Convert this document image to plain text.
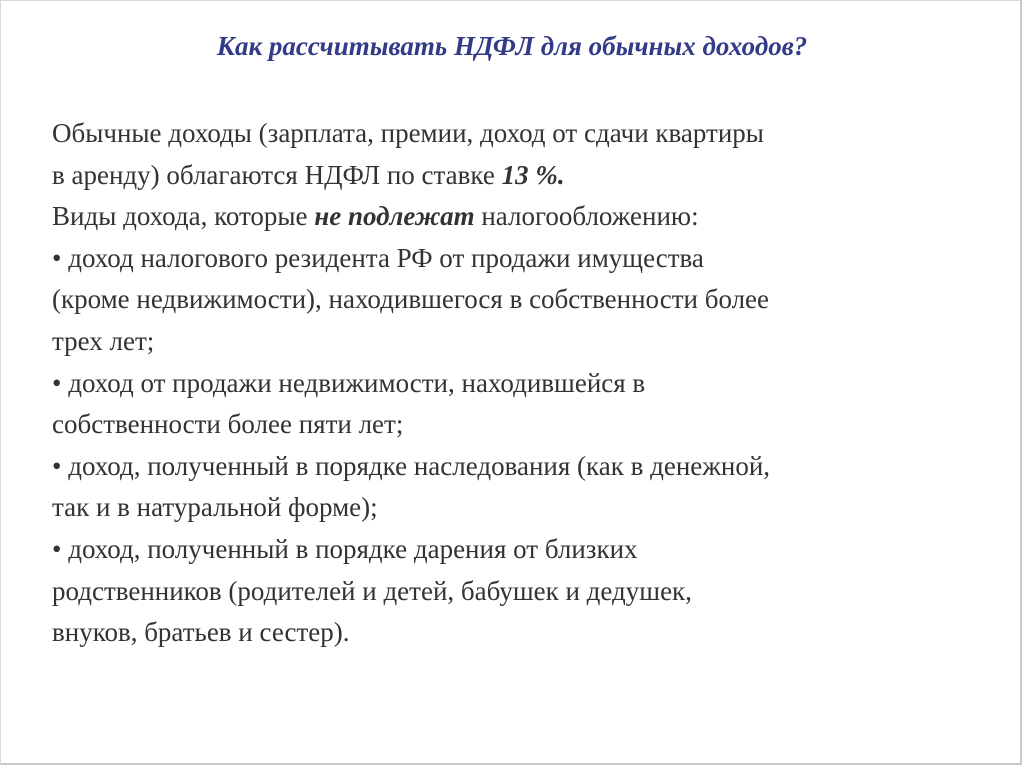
Как рассчитывать НДФЛ для обычных доходов?
Обычные доходы (зарплата, премии, доход от сдачи квартиры
в аренду) облагаются НДФЛ по ставке 13 %.
Виды дохода, которые не подлежат налогообложению:
• доход налогового резидента РФ от продажи имущества
(кроме недвижимости), находившегося в собственности более
трех лет;
• доход от продажи недвижимости, находившейся в
собственности более пяти лет;
• доход, полученный в порядке наследования (как в денежной,
так и в натуральной форме);
• доход, полученный в порядке дарения от близких
родственников (родителей и детей, бабушек и дедушек,
внуков, братьев и сестер).
